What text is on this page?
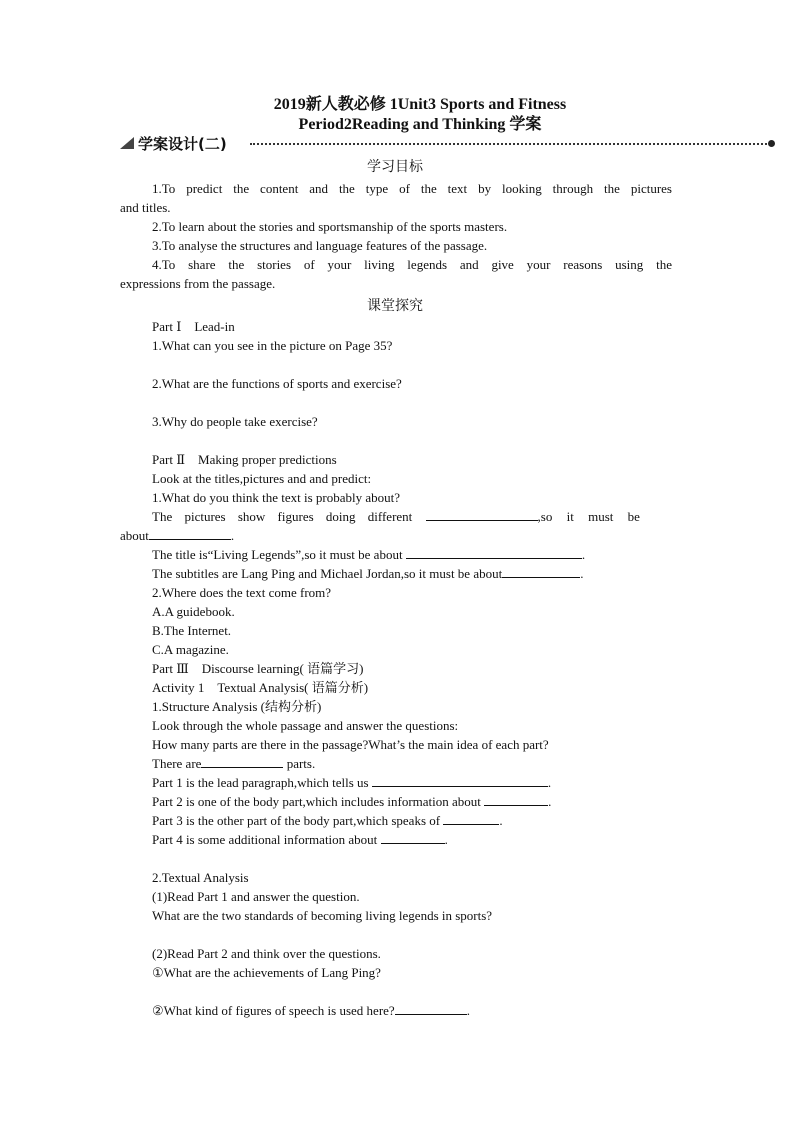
2019新人教必修 1Unit3 Sports and Fitness
Period2Reading and Thinking 学案
学案设计(二)
学习目标
1.To predict the content and the type of the text by looking through the pictures
and titles.
2.To learn about the stories and sportsmanship of the sports masters.
3.To analyse the structures and language features of the passage.
4.To share the stories of your living legends and give your reasons using the
expressions from the passage.
课堂探究
Part Ⅰ　Lead-in
1.What can you see in the picture on Page 35?
2.What are the functions of sports and exercise?
3.Why do people take exercise?
Part Ⅱ　Making proper predictions
Look at the titles,pictures and and predict:
1.What do you think the text is probably about?
The pictures show figures doing different	,so it must be
about	.
The title is“Living Legends”,so it must be about	.
The subtitles are Lang Ping and Michael Jordan,so it must be about	.
2.Where does the text come from?
A.A guidebook.
B.The Internet.
C.A magazine.
Part Ⅲ　Discourse learning( 语篇学习)
Activity 1　Textual Analysis( 语篇分析)
1.Structure Analysis (结构分析)
Look through the whole passage and answer the questions:
How many parts are there in the passage?What’s the main idea of each part?
There are	parts.
Part 1 is the lead paragraph,which tells us	.
Part 2 is one of the body part,which includes information about	.
Part 3 is the other part of the body part,which speaks of	.
Part 4 is some additional information about	.
2.Textual Analysis
(1)Read Part 1 and answer the question.
What are the two standards of becoming living legends in sports?
(2)Read Part 2 and think over the questions.
①What are the achievements of Lang Ping?
②What kind of figures of speech is used here?	.
